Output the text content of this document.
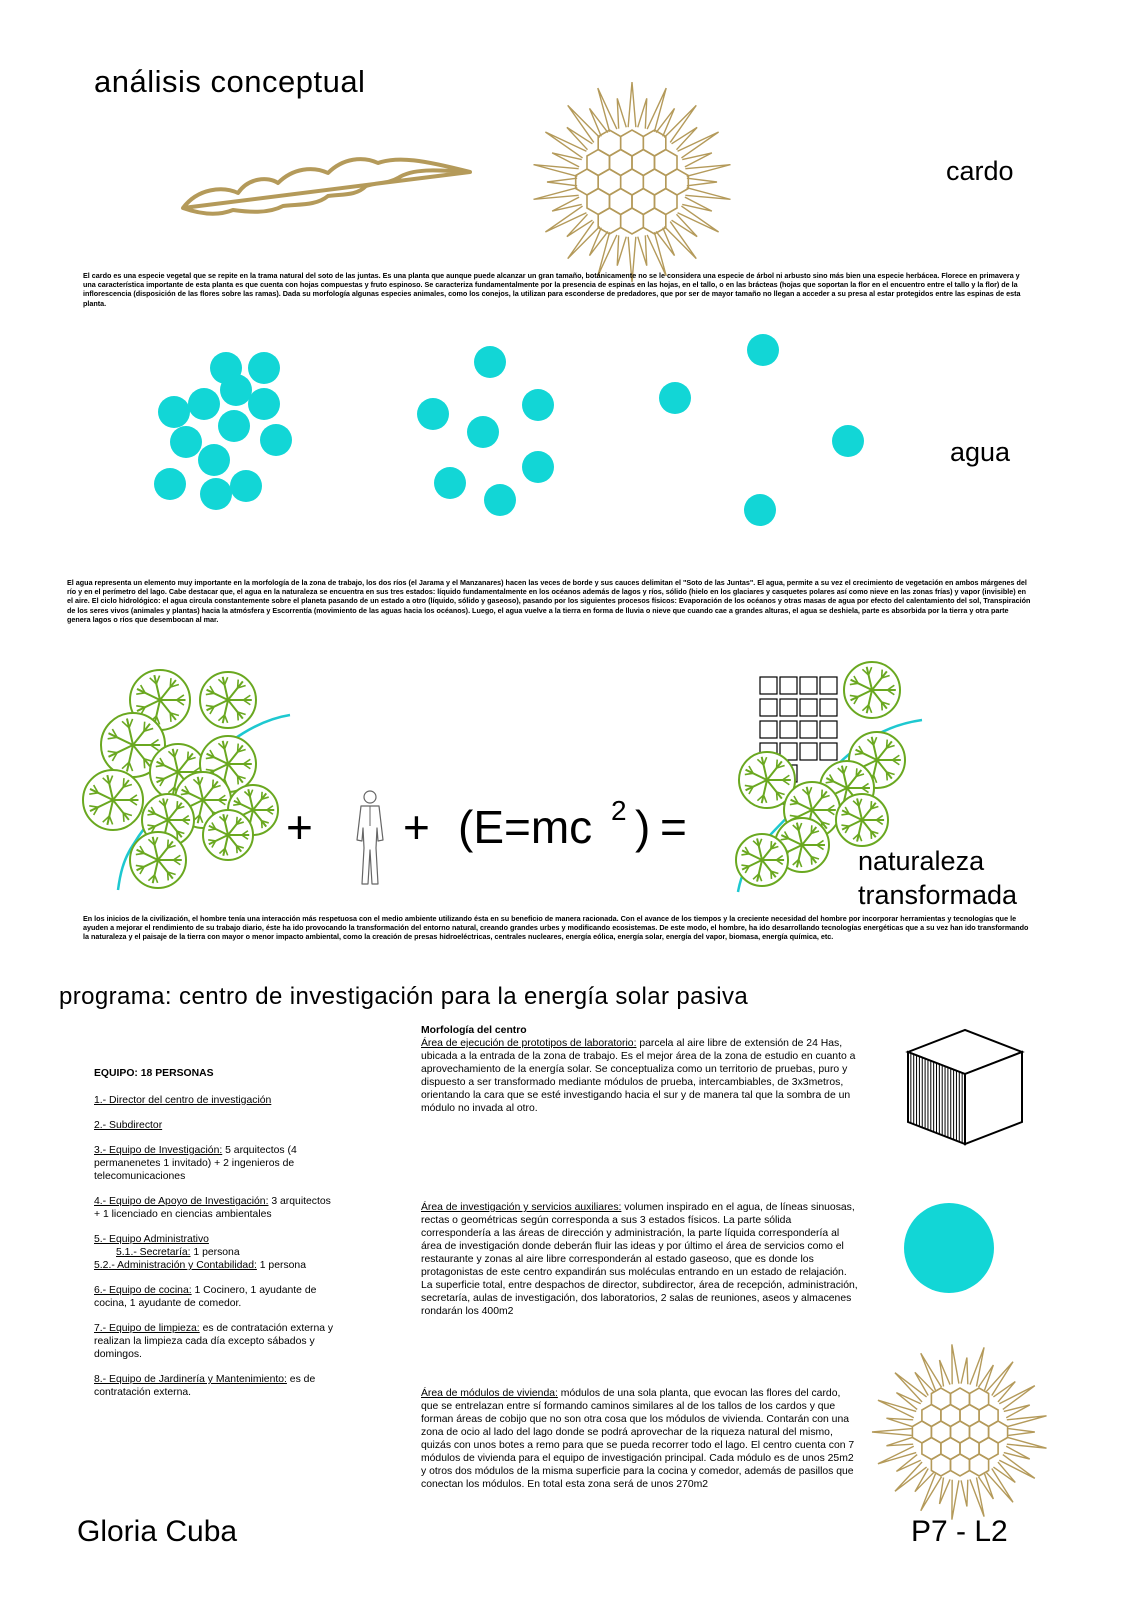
análisis conceptual
cardo
El cardo es una especie vegetal que se repite en la trama natural del soto de las juntas. Es una planta que aunque puede alcanzar un gran tamaño, botánicamente no se le considera una especie de árbol ni arbusto sino más bien una especie herbácea. Florece en primavera y una característica importante de esta planta es que cuenta con hojas compuestas y fruto espinoso. Se caracteriza fundamentalmente por la presencia de espinas en las hojas, en el tallo, o en las brácteas (hojas que soportan la flor en el encuentro entre el tallo y la flor) de la inflorescencia (disposición de las flores sobre las ramas). Dada su morfología algunas especies animales, como los conejos, la utilizan para esconderse de predadores, que por ser de mayor tamaño no llegan a acceder a su presa al estar protegidos entre las espinas de esta planta.
agua
El agua representa un elemento muy importante en la morfología de la zona de trabajo, los dos ríos (el Jarama y el Manzanares) hacen las veces de borde y sus cauces delimitan el "Soto de las Juntas". El agua, permite a su vez el crecimiento de vegetación en ambos márgenes del río y en el perímetro del lago. Cabe destacar que, el agua en la naturaleza se encuentra en sus tres estados: líquido fundamentalmente en los océanos además de lagos y ríos, sólido (hielo en los glaciares y casquetes polares así como nieve en las zonas frías) y vapor (invisible) en el aire. El ciclo hidrológico: el agua circula constantemente sobre el planeta pasando de un estado a otro (líquido, sólido y gaseoso), pasando por los siguientes procesos físicos: Evaporación de los océanos y otras masas de agua por efecto del calentamiento del sol, Transpiración de los seres vivos (animales y plantas) hacia la atmósfera y Escorrentía (movimiento de las aguas hacia los océanos). Luego, el agua vuelve a la tierra en forma de lluvia o nieve que cuando cae a grandes alturas, el agua se deshiela, parte es absorbida por la tierra y otra parte genera lagos o ríos que desembocan al mar.
+ + (E=mc 2 ) =
naturaleza
transformada
En los inicios de la civilización, el hombre tenía una interacción más respetuosa con el medio ambiente utilizando ésta en su beneficio de manera racionada. Con el avance de los tiempos y la creciente necesidad del hombre por incorporar herramientas y tecnologías que le ayuden a mejorar el rendimiento de su trabajo diario, éste ha ido provocando la transformación del entorno natural, creando grandes urbes y modificando ecosistemas. De este modo, el hombre, ha ido desarrollando tecnologías energéticas que a su vez han ido transformando la naturaleza y el paisaje de la tierra con mayor o menor impacto ambiental, como la creación de presas hidroeléctricas, centrales nucleares, energía eólica, energía solar, energía del vapor, biomasa, energía química, etc.
programa: centro de investigación para la energía solar pasiva

EQUIPO: 18 PERSONAS

1.- Director del centro de investigación

2.- Subdirector

3.- Equipo de Investigación: 5 arquitectos (4 permanenetes 1 invitado) + 2 ingenieros de telecomunicaciones

4.- Equipo de Apoyo de Investigación: 3 arquitectos + 1 licenciado en ciencias ambientales

5.- Equipo Administrativo

5.1.- Secretaría: 1 persona

5.2.- Administración y Contabilidad: 1 persona

6.- Equipo de cocina: 1 Cocinero, 1 ayudante de cocina, 1 ayudante de comedor.

7.- Equipo de limpieza: es de contratación externa y realizan la limpieza cada día excepto sábados y domingos.

8.- Equipo de Jardinería y Mantenimiento: es de contratación externa.

Morfología del centro
Área de ejecución de prototipos de laboratorio: parcela al aire libre de extensión de 24 Has, ubicada a la entrada de la zona de trabajo. Es el mejor área de la zona de estudio en cuanto a aprovechamiento de la energía solar. Se conceptualiza como un territorio de pruebas, puro y dispuesto a ser transformado mediante módulos de prueba, intercambiables, de 3x3metros, orientando la cara que se esté investigando hacia el sur y de manera tal que la sombra de un módulo no invada al otro.
Área de investigación y servicios auxiliares: volumen inspirado en el agua, de líneas sinuosas, rectas o geométricas según corresponda a sus 3 estados físicos. La parte sólida correspondería a las áreas de dirección y administración, la parte líquida correspondería al área de investigación donde deberán fluir las ideas y por último el área de servicios como el restaurante y zonas al aire libre corresponderán al estado gaseoso, que es donde los protagonistas de este centro expandirán sus moléculas entrando en un estado de relajación. La superficie total, entre despachos de director, subdirector, área de recepción, administración, secretaría, aulas de investigación, dos laboratorios, 2 salas de reuniones, aseos y almacenes rondarán los 400m2
Área de módulos de vivienda: módulos de una sola planta, que evocan las flores del cardo, que se entrelazan entre sí formando caminos similares al de los tallos de los cardos y que forman áreas de cobijo que no son otra cosa que los módulos de vivienda. Contarán con una zona de ocio al lado del lago donde se podrá aprovechar de la riqueza natural del mismo, quizás con unos botes a remo para que se pueda recorrer todo el lago. El centro cuenta con 7 módulos de vivienda para el equipo de investigación principal. Cada módulo es de unos 25m2 y otros dos módulos de la misma superficie para la cocina y comedor, además de pasillos que conectan los módulos. En total esta zona será de unos 270m2
Gloria Cuba	P7 - L2
